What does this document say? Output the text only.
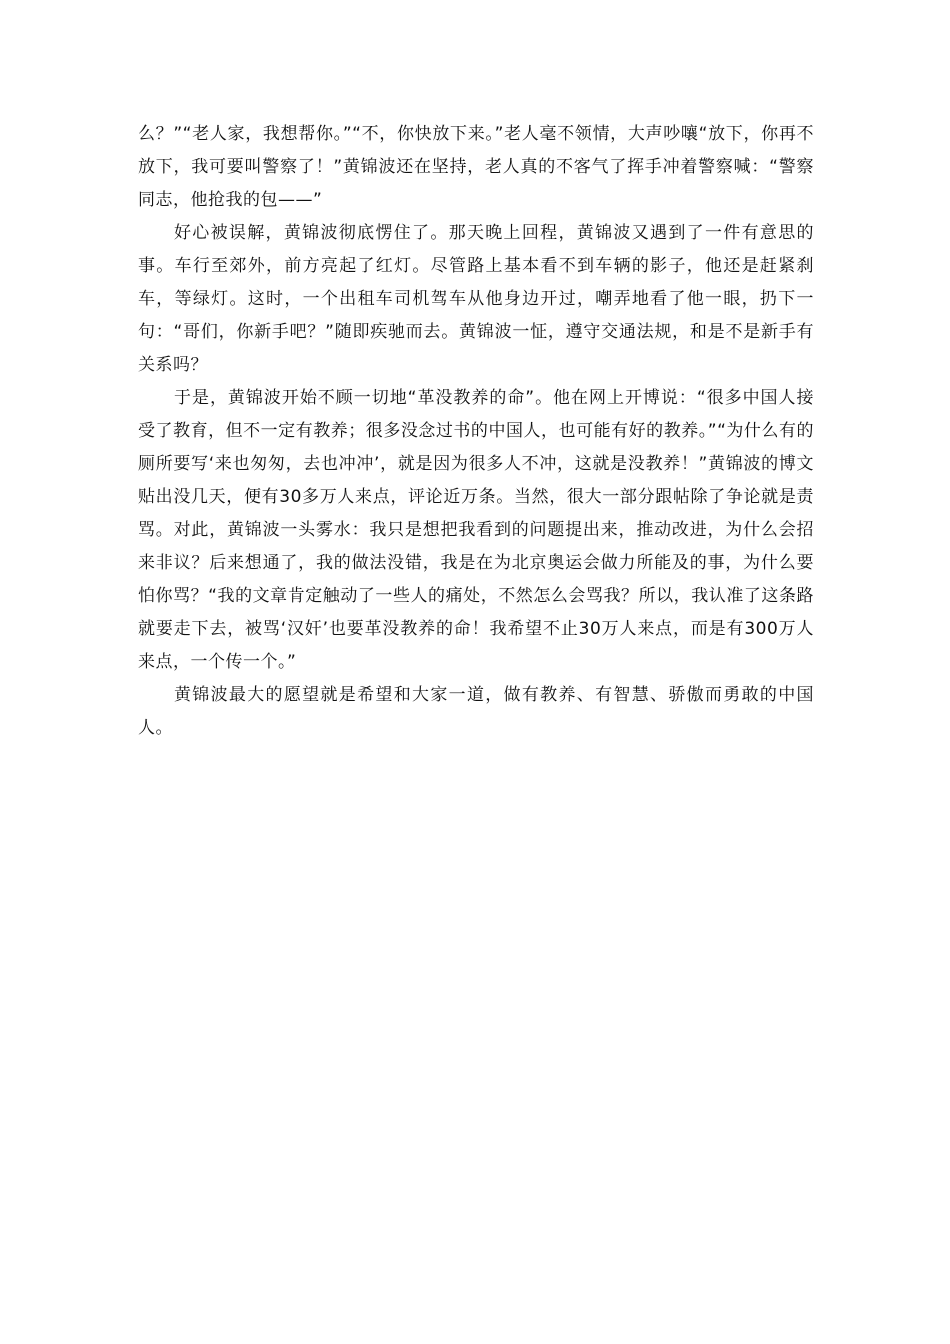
么？”“老人家，我想帮你。”“不，你快放下来。”老人毫不领情，大声吵嚷“放下，你再不放下，我可要叫警察了！”黄锦波还在坚持，老人真的不客气了挥手冲着警察喊：“警察同志，他抢我的包——”

好心被误解，黄锦波彻底愣住了。那天晚上回程，黄锦波又遇到了一件有意思的事。车行至郊外，前方亮起了红灯。尽管路上基本看不到车辆的影子，他还是赶紧刹车，等绿灯。这时，一个出租车司机驾车从他身边开过，嘲弄地看了他一眼，扔下一句：“哥们，你新手吧？”随即疾驰而去。黄锦波一怔，遵守交通法规，和是不是新手有关系吗？

于是，黄锦波开始不顾一切地“革没教养的命”。他在网上开博说：“很多中国人接受了教育，但不一定有教养；很多没念过书的中国人，也可能有好的教养。”“为什么有的厕所要写‘来也匆匆，去也冲冲’，就是因为很多人不冲，这就是没教养！”黄锦波的博文贴出没几天，便有30多万人来点，评论近万条。当然，很大一部分跟帖除了争论就是责骂。对此，黄锦波一头雾水：我只是想把我看到的问题提出来，推动改进，为什么会招来非议？后来想通了，我的做法没错，我是在为北京奥运会做力所能及的事，为什么要怕你骂？“我的文章肯定触动了一些人的痛处，不然怎么会骂我？所以，我认准了这条路就要走下去，被骂‘汉奸’也要革没教养的命！我希望不止30万人来点，而是有300万人来点，一个传一个。”

黄锦波最大的愿望就是希望和大家一道，做有教养、有智慧、骄傲而勇敢的中国人。
